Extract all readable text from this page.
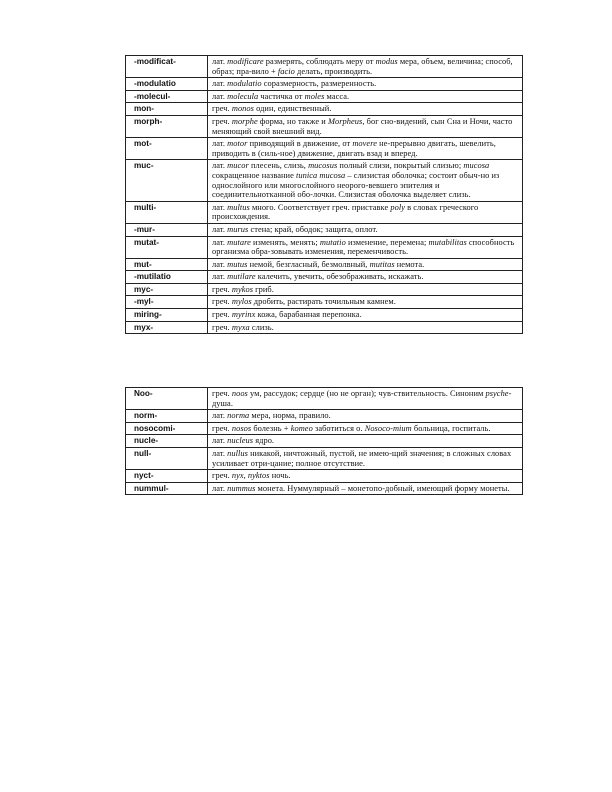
-modificat-	лат. modificare размерять, соблюдать меру от modus мера, объем, величина; способ, образ; пра-вило + facio делать, производить.
-modulatio	лат. modulatio соразмерность, размеренность.
-molecul-	лат. molecula частичка от moles масса.
mon-	греч. monos один, единственный.
morph-	греч. morphe форма, но также и Morpheus, бог сно-видений, сын Сна и Ночи, часто меняющий свой внешний вид.
mot-	лат. motor приводящий в движение, от movere не-прерывно двигать, шевелить, приводить в (силь-ное) движение, двигать взад и вперед.
muc-	лат. mucor плесень, слизь, mucosus полный слизи, покрытый слизью; mucosa сокращенное название tunica mucosa – слизистая оболочка; состоит обыч-но из однослойного или многослойного неорого-вевшего эпителия и соединительнотканной обо-лочки. Слизистая оболочка выделяет слизь.
multi-	лат. multus много. Соответствует греч. приставке poly в словах греческого происхождения.
-mur-	лат. murus стена; край, ободок; защита, оплот.
mutat-	лат. mutare изменять, менять; mutatio изменение, перемена; mutabilitas способность организма обра-зовывать изменения, переменчивость.
mut-	лат. mutus немой, безгласный, безмолвный, mutitas немота.
-mutilatio	лат. mutilare калечить, увечить, обезображивать, искажать.
myc-	греч. mykos гриб.
-myl-	греч. mylos дробить, растирать точильным камнем.
miring-	греч. myrinx кожа, барабанная перепонка.
myx-	греч. myxa слизь.
Noo-	греч. noos ум, рассудок; сердце (но не орган); чув-ствительность. Синоним psyche-душа.
norm-	лат. norma мера, норма, правило.
nosocomi-	греч. nosos болезнь + komeo заботиться о. Nosoco-mium больница, госпиталь.
nucle-	лат. nucleus ядро.
null-	лат. nullus никакой, ничтожный, пустой, не имею-щий значения; в сложных словах усиливает отри-цание; полное отсутствие.
nyct-	греч. nyx, nyktos ночь.
nummul-	лат. nummus монета. Нуммулярный – монетопо-добный, имеющий форму монеты.
